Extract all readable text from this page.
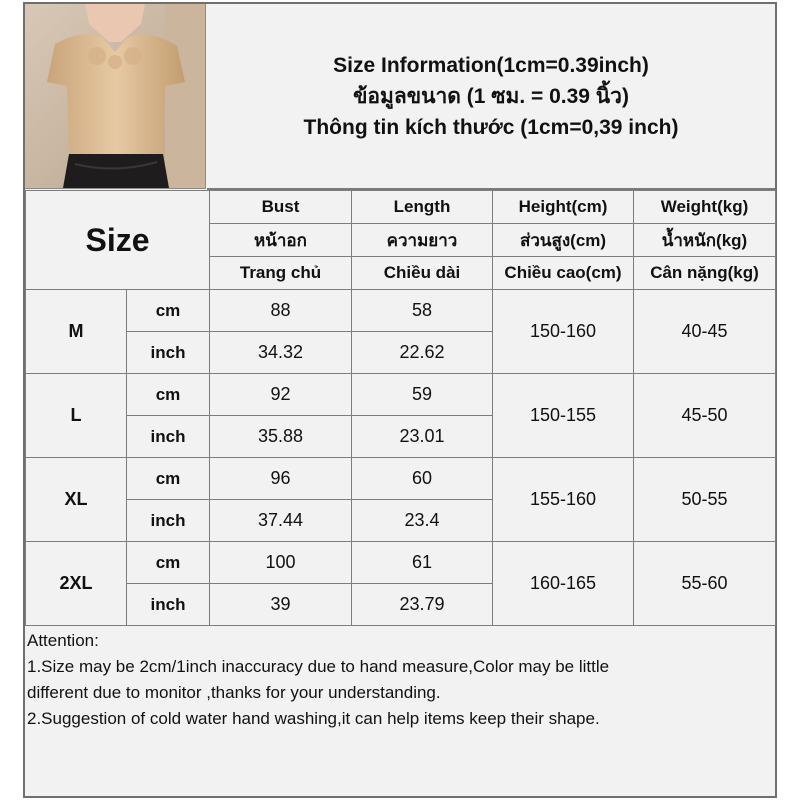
Size Information(1cm=0.39inch)
ข้อมูลขนาด (1 ซม. = 0.39 นิ้ว)
Thông tin kích thước (1cm=0,39 inch)
Size		Bust	Length	Height(cm)	Weight(kg)
		หน้าอก	ความยาว	ส่วนสูง(cm)	น้ำหนัก(kg)
		Trang chủ	Chiều dài	Chiều cao(cm)	Cân nặng(kg)
M	cm	88	58	150-160	40-45
	inch	34.32	22.62		
L	cm	92	59	150-155	45-50
	inch	35.88	23.01		
XL	cm	96	60	155-160	50-55
	inch	37.44	23.4		
2XL	cm	100	61	160-165	55-60
	inch	39	23.79		
Attention:
1.Size may be 2cm/1inch inaccuracy due to hand measure,Color may be little
different due to monitor ,thanks for your understanding.
2.Suggestion of cold water hand washing,it can help items keep their shape.
